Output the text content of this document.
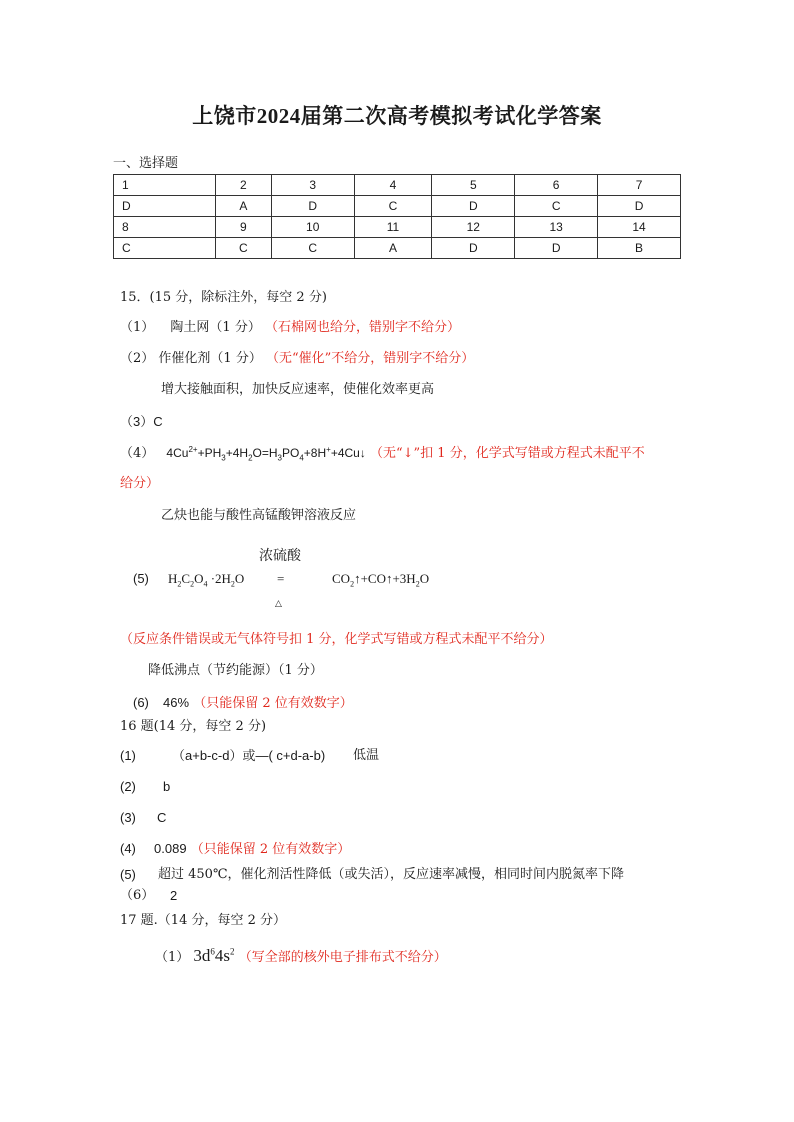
上饶市2024届第二次高考模拟考试化学答案
一、选择题
1	2	3	4	5	6	7
D	A	D	C	D	C	D
8	9	10	11	12	13	14
C	C	C	A	D	D	B
15．(15 分，除标注外，每空 2 分)
（1） 陶土网（1 分） （石棉网也给分，错别字不给分）
（2） 作催化剂（1 分） （无“催化”不给分，错别字不给分）
增大接触面积，加快反应速率，使催化效率更高
（3）C
（4） $4Cu^{2+}+PH_3+4H_2O=H_3PO_4+8H^++4Cu↓$ （无“↓”扣 1 分，化学式写错或方程式未配平不
给分）
乙炔也能与酸性高锰酸钾溶液反应
浓硫酸
(5) $H_2C_2O_4 \cdot 2H_2O$	=	$CO_2↑+CO↑+3H_2O$
△
（反应条件错误或无气体符号扣 1 分，化学式写错或方程式未配平不给分）
降低沸点（节约能源）（1 分）
(6) 46% （只能保留 2 位有效数字）
16 题(14 分，每空 2 分)
(1)	（a+b-c-d）或—( c+d-a-b) 低温
(2) b
(3) C
(4) 0.089 （只能保留 2 位有效数字）
(5) 超过 450℃，催化剂活性降低（或失活），反应速率减慢，相同时间内脱氮率下降
（6） 2
17 题.（14 分，每空 2 分）
（1） $3d^64s^2$ （写全部的核外电子排布式不给分）
